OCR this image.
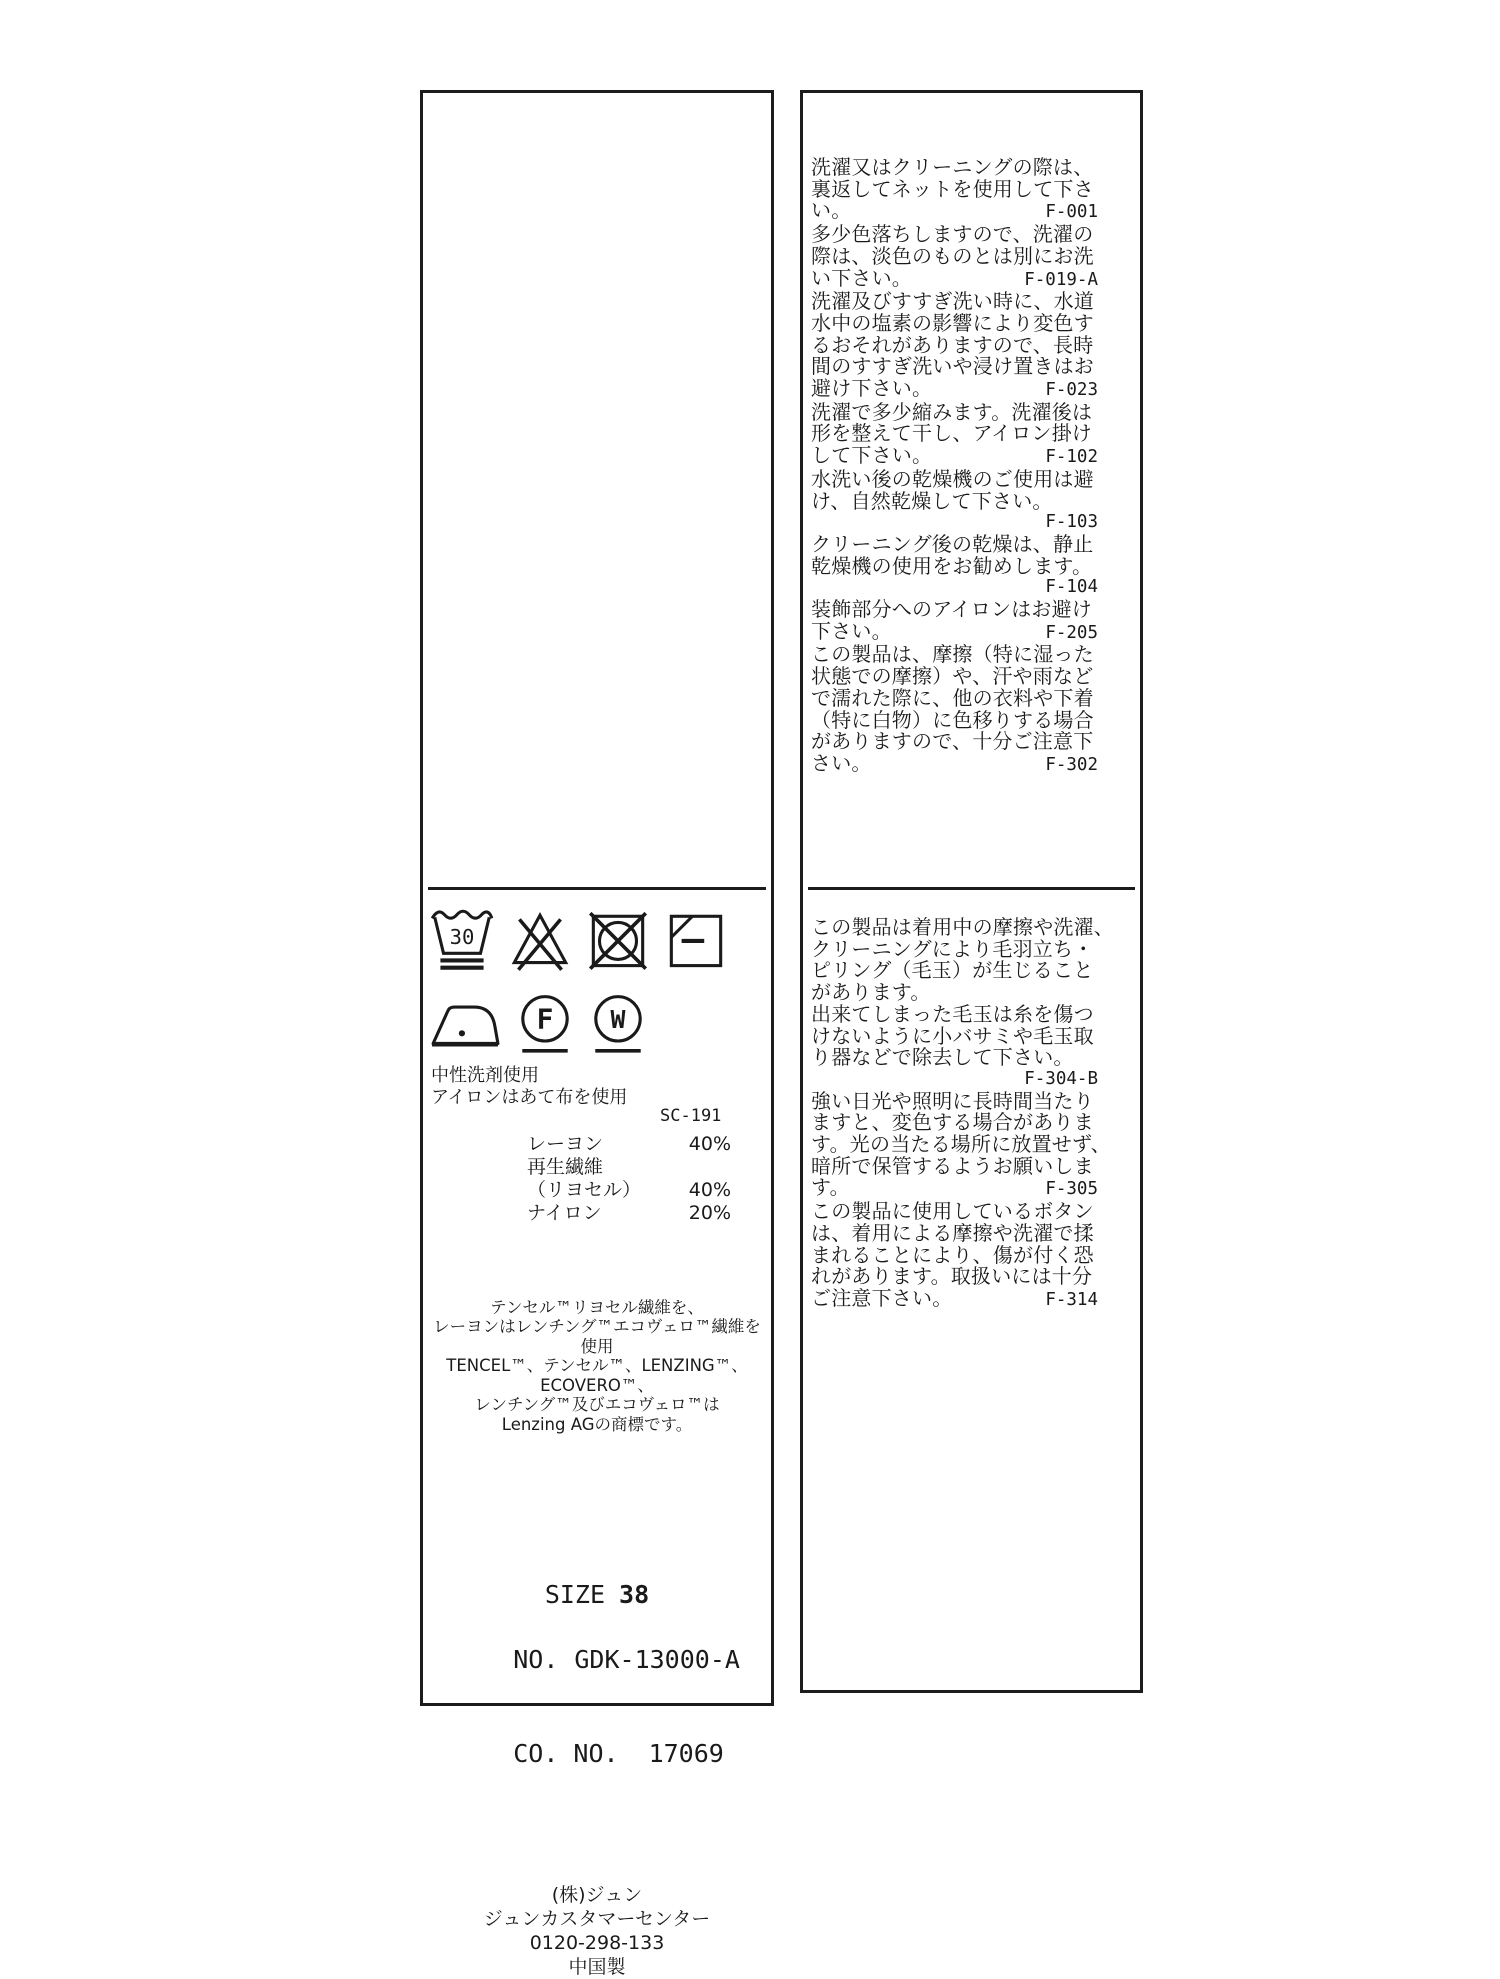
30
F W
中性洗剤使用
アイロンはあて布を使用
SC-191
レーヨン	40%
再生繊維
（リヨセル）	40%
ナイロン	20%

テンセル™リヨセル繊維を、
レーヨンはレンチング™エコヴェロ™繊維を
使用
TENCEL™、テンセル™、LENZING™、
ECOVERO™、
レンチング™及びエコヴェロ™は
Lenzing AGの商標です。
SIZE 38

NO. GDK-13000-A

CO. NO. 17069

(株)ジュン
ジュンカスタマーセンター
0120-298-133
中国製
洗濯又はクリーニングの際は、
裏返してネットを使用して下さ
い。	F-001
多少色落ちしますので、洗濯の
際は、淡色のものとは別にお洗
い下さい。	F-019-A
洗濯及びすすぎ洗い時に、水道
水中の塩素の影響により変色す
るおそれがありますので、長時
間のすすぎ洗いや浸け置きはお
避け下さい。	F-023
洗濯で多少縮みます。洗濯後は
形を整えて干し、アイロン掛け
して下さい。	F-102
水洗い後の乾燥機のご使用は避
け、自然乾燥して下さい。
F-103
クリーニング後の乾燥は、静止
乾燥機の使用をお勧めします。
F-104
装飾部分へのアイロンはお避け
下さい。	F-205
この製品は、摩擦（特に湿った
状態での摩擦）や、汗や雨など
で濡れた際に、他の衣料や下着
（特に白物）に色移りする場合
がありますので、十分ご注意下
さい。	F-302
この製品は着用中の摩擦や洗濯、
クリーニングにより毛羽立ち・
ピリング（毛玉）が生じること
があります。
出来てしまった毛玉は糸を傷つ
けないように小バサミや毛玉取
り器などで除去して下さい。
F-304-B
強い日光や照明に長時間当たり
ますと、変色する場合がありま
す。光の当たる場所に放置せず、
暗所で保管するようお願いしま
す。	F-305
この製品に使用しているボタン
は、着用による摩擦や洗濯で揉
まれることにより、傷が付く恐
れがあります。取扱いには十分
ご注意下さい。	F-314
